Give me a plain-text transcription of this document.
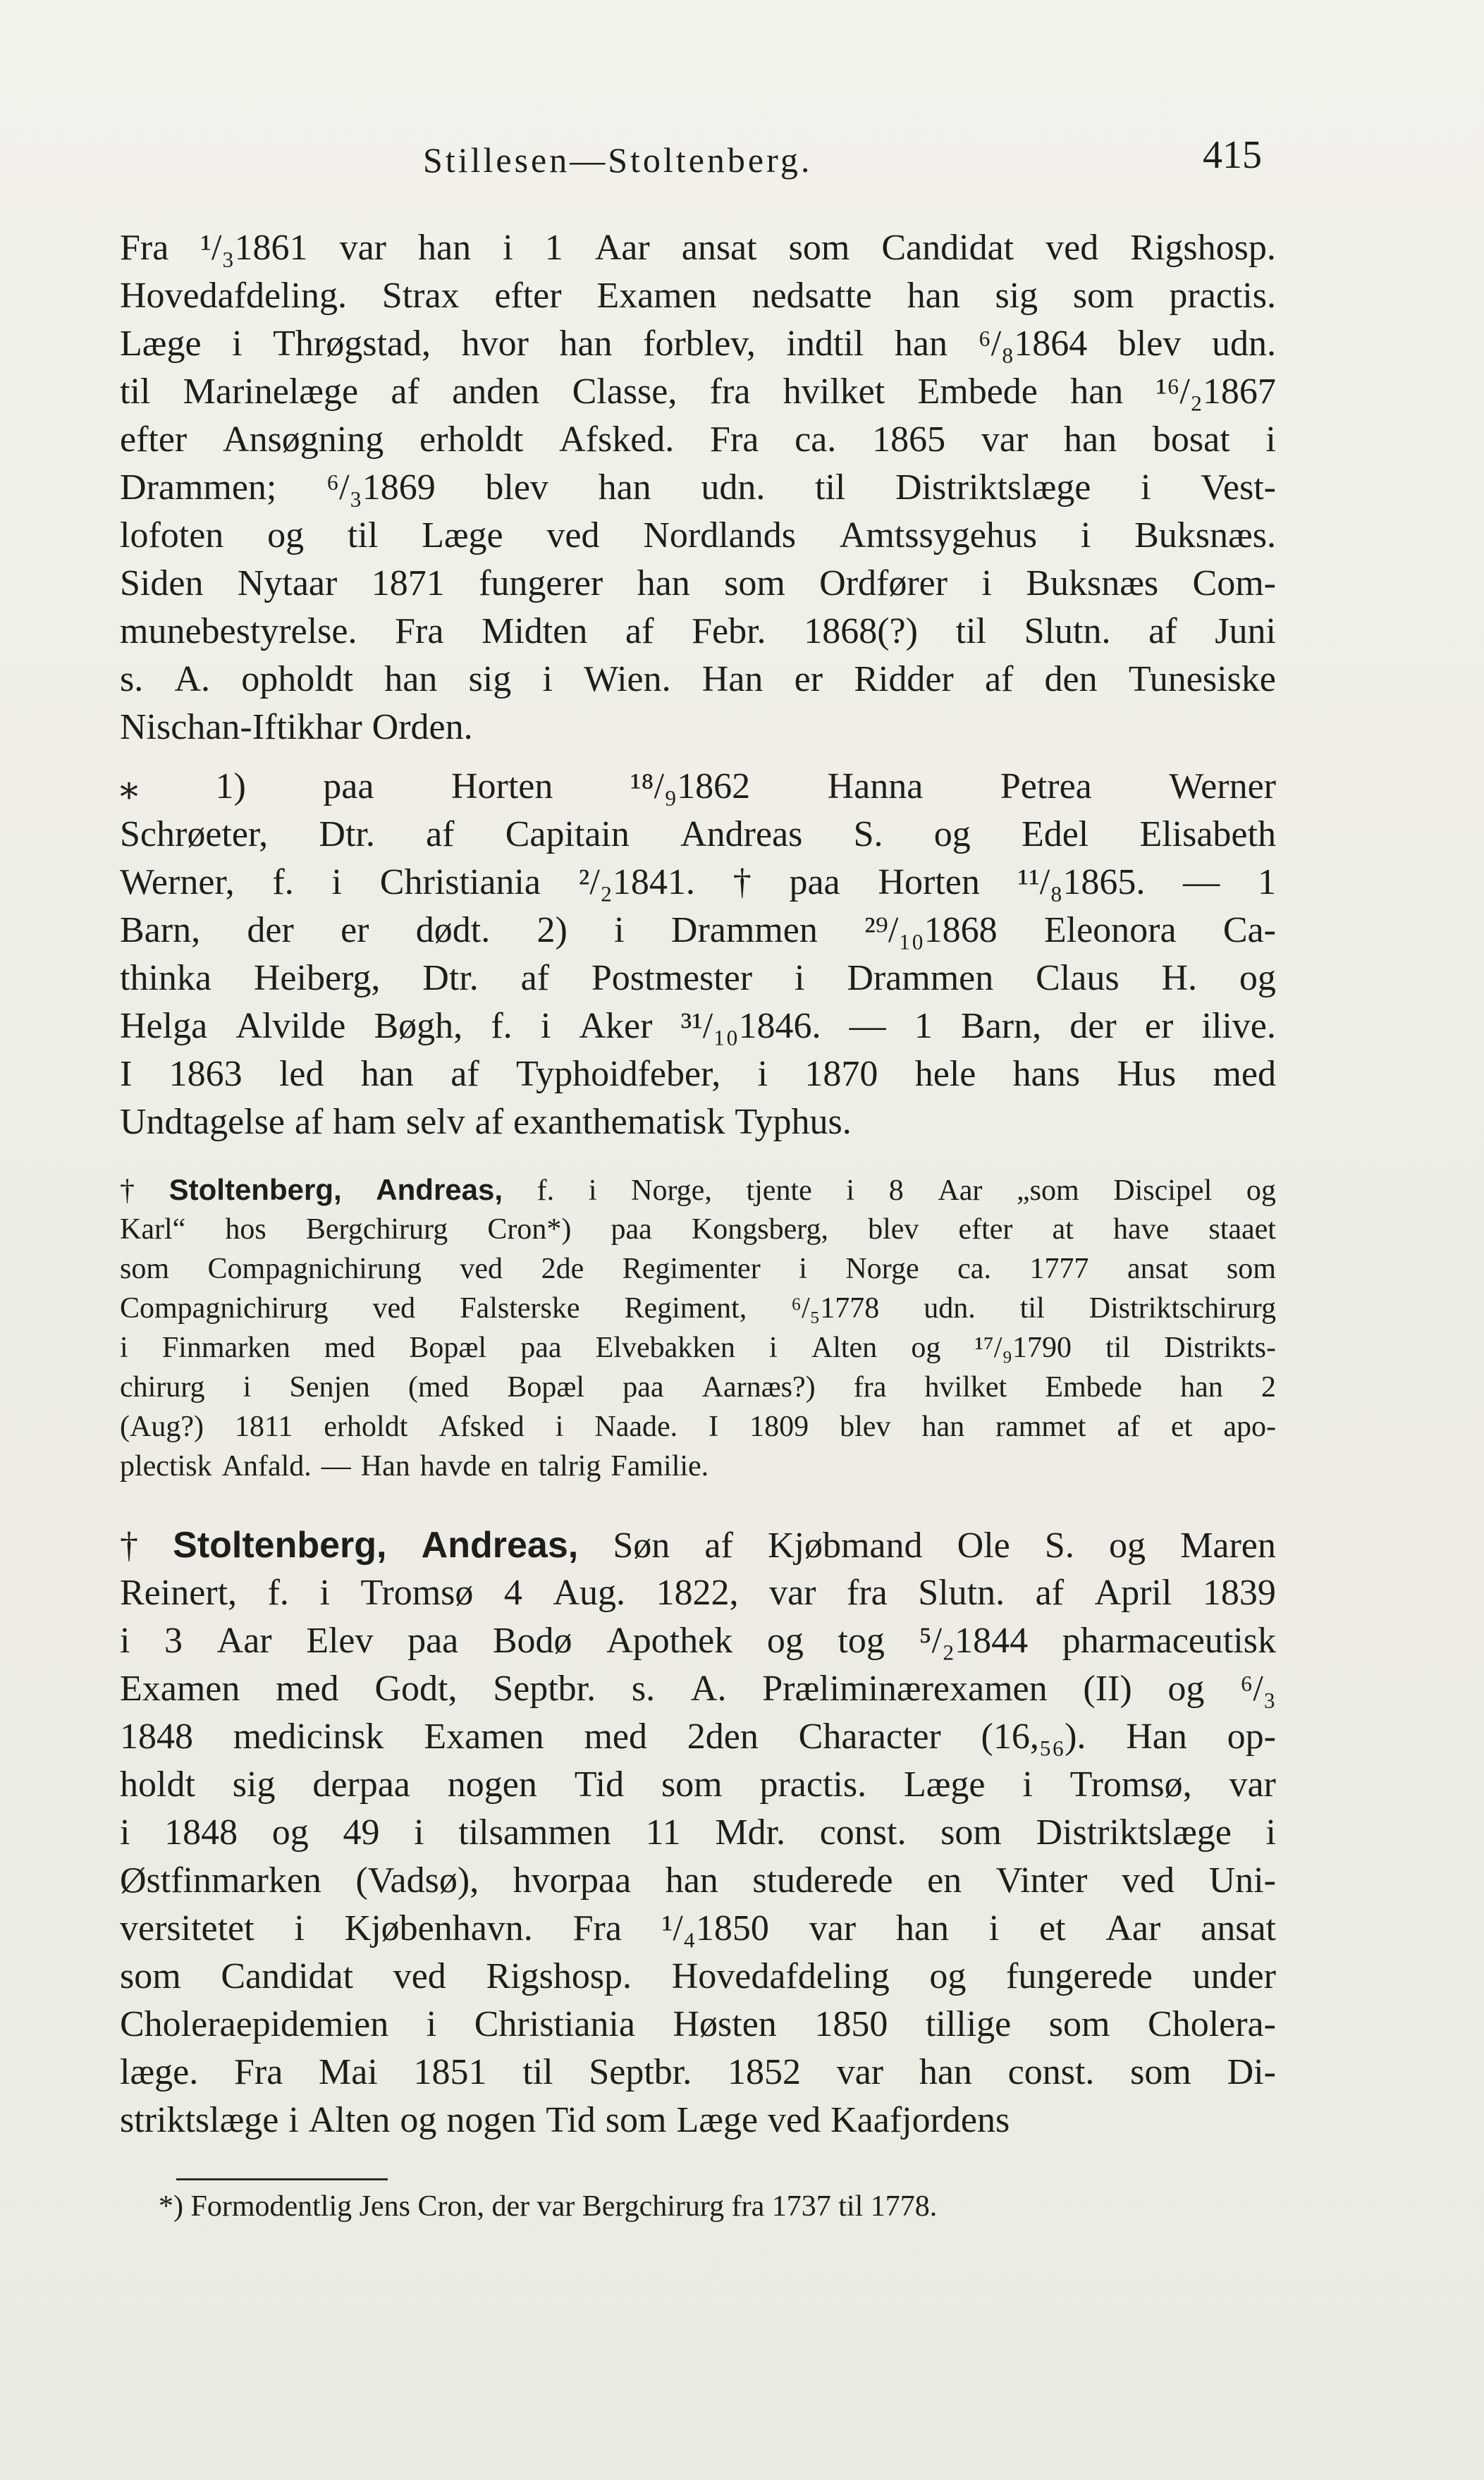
Stillesen—Stoltenberg.	415
Fra ¹/₃1861 var han i 1 Aar ansat som Candidat ved Rigshosp.
Hovedafdeling. Strax efter Examen nedsatte han sig som practis.
Læge i Thrøgstad, hvor han forblev, indtil han ⁶/₈1864 blev udn.
til Marinelæge af anden Classe, fra hvilket Embede han ¹⁶/₂1867
efter Ansøgning erholdt Afsked. Fra ca. 1865 var han bosat i
Drammen; ⁶/₃1869 blev han udn. til Distriktslæge i Vest-
lofoten og til Læge ved Nordlands Amtssygehus i Buksnæs.
Siden Nytaar 1871 fungerer han som Ordfører i Buksnæs Com-
munebestyrelse. Fra Midten af Febr. 1868(?) til Slutn. af Juni
s. A. opholdt han sig i Wien. Han er Ridder af den Tunesiske
Nischan-Iftikhar Orden.
⁎ 1) paa Horten ¹⁸/₉1862 Hanna Petrea Werner
Schrøeter, Dtr. af Capitain Andreas S. og Edel Elisabeth
Werner, f. i Christiania ²/₂1841. † paa Horten ¹¹/₈1865. — 1
Barn, der er dødt. 2) i Drammen ²⁹/₁₀1868 Eleonora Ca-
thinka Heiberg, Dtr. af Postmester i Drammen Claus H. og
Helga Alvilde Bøgh, f. i Aker ³¹/₁₀1846. — 1 Barn, der er ilive.
I 1863 led han af Typhoidfeber, i 1870 hele hans Hus med
Undtagelse af ham selv af exanthematisk Typhus.
† Stoltenberg, Andreas, f. i Norge, tjente i 8 Aar „som Discipel og
Karl“ hos Bergchirurg Cron*) paa Kongsberg, blev efter at have staaet
som Compagnichirung ved 2de Regimenter i Norge ca. 1777 ansat som
Compagnichirurg ved Falsterske Regiment, ⁶/₅1778 udn. til Distriktschirurg
i Finmarken med Bopæl paa Elvebakken i Alten og ¹⁷/₉1790 til Distrikts-
chirurg i Senjen (med Bopæl paa Aarnæs?) fra hvilket Embede han 2
(Aug?) 1811 erholdt Afsked i Naade. I 1809 blev han rammet af et apo-
plectisk Anfald. — Han havde en talrig Familie.
† Stoltenberg, Andreas, Søn af Kjøbmand Ole S. og Maren
Reinert, f. i Tromsø 4 Aug. 1822, var fra Slutn. af April 1839
i 3 Aar Elev paa Bodø Apothek og tog ⁵/₂1844 pharmaceutisk
Examen med Godt, Septbr. s. A. Præliminærexamen (II) og ⁶/₃
1848 medicinsk Examen med 2den Character (16,₅₆). Han op-
holdt sig derpaa nogen Tid som practis. Læge i Tromsø, var
i 1848 og 49 i tilsammen 11 Mdr. const. som Distriktslæge i
Østfinmarken (Vadsø), hvorpaa han studerede en Vinter ved Uni-
versitetet i Kjøbenhavn. Fra ¹/₄1850 var han i et Aar ansat
som Candidat ved Rigshosp. Hovedafdeling og fungerede under
Choleraepidemien i Christiania Høsten 1850 tillige som Cholera-
læge. Fra Mai 1851 til Septbr. 1852 var han const. som Di-
striktslæge i Alten og nogen Tid som Læge ved Kaafjordens
*) Formodentlig Jens Cron, der var Bergchirurg fra 1737 til 1778.
